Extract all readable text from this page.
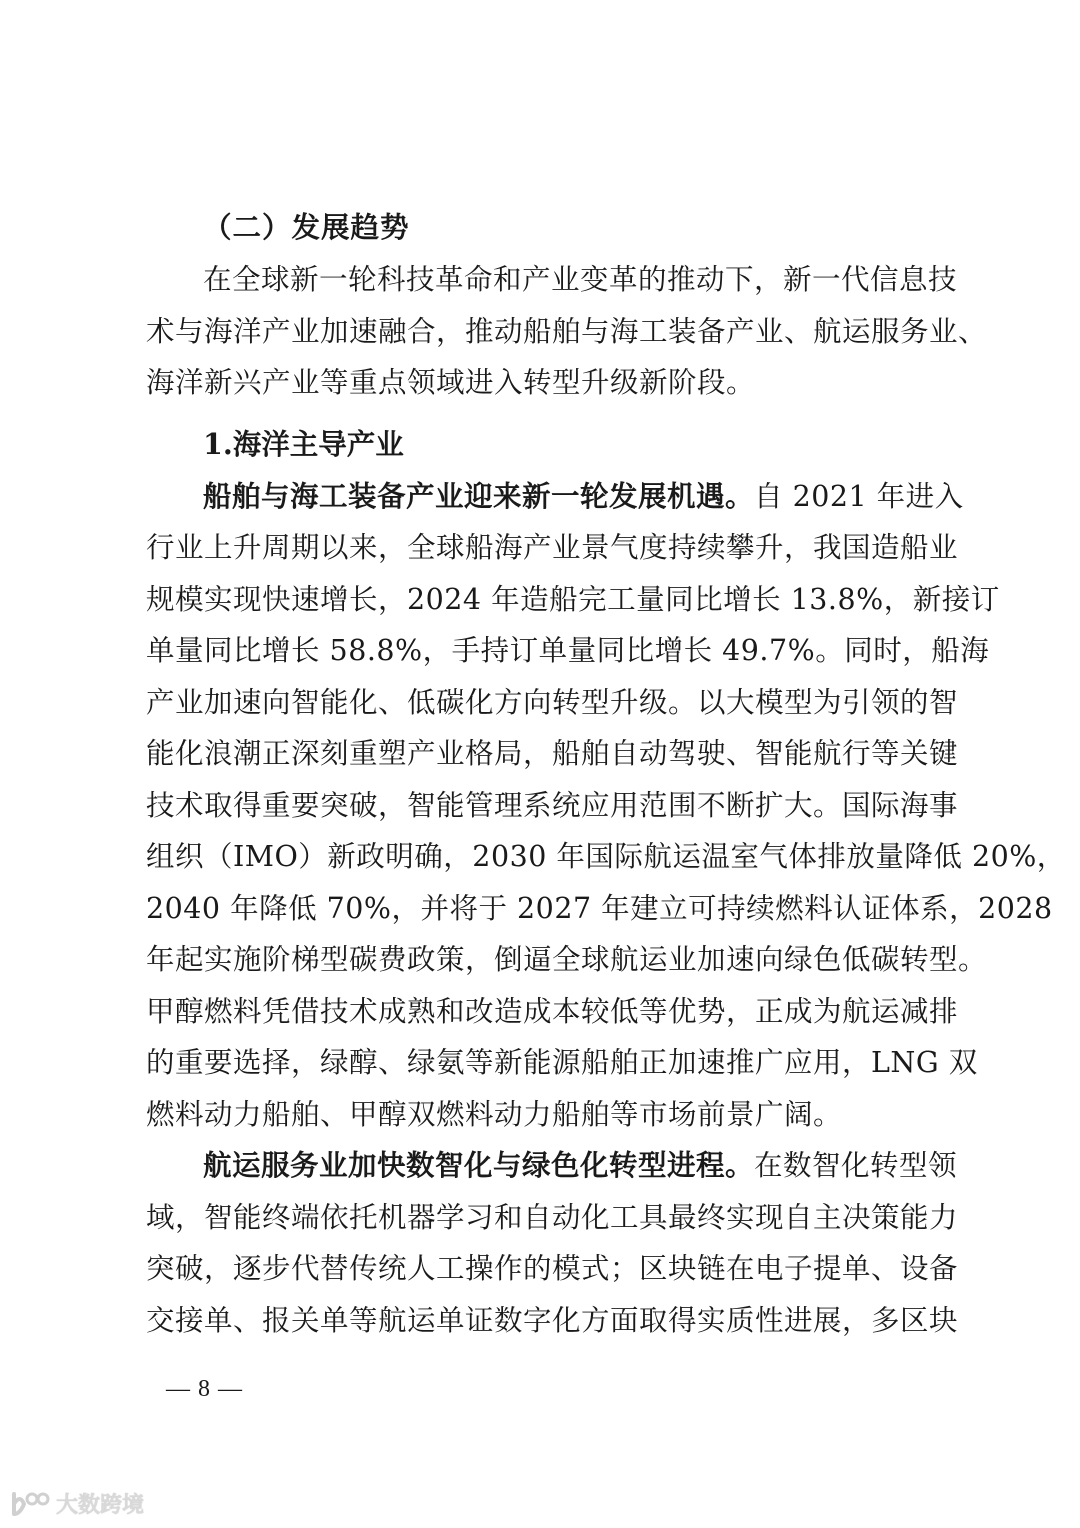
（二）发展趋势
在全球新一轮科技革命和产业变革的推动下，新一代信息技
术与海洋产业加速融合，推动船舶与海工装备产业、航运服务业、
海洋新兴产业等重点领域进入转型升级新阶段。
1.海洋主导产业
船舶与海工装备产业迎来新一轮发展机遇。自 2021 年进入
行业上升周期以来，全球船海产业景气度持续攀升，我国造船业
规模实现快速增长，2024 年造船完工量同比增长 13.8%，新接订
单量同比增长 58.8%，手持订单量同比增长 49.7%。同时，船海
产业加速向智能化、低碳化方向转型升级。以大模型为引领的智
能化浪潮正深刻重塑产业格局，船舶自动驾驶、智能航行等关键
技术取得重要突破，智能管理系统应用范围不断扩大。国际海事
组织（IMO）新政明确，2030 年国际航运温室气体排放量降低 20%，
2040 年降低 70%，并将于 2027 年建立可持续燃料认证体系，2028
年起实施阶梯型碳费政策，倒逼全球航运业加速向绿色低碳转型。
甲醇燃料凭借技术成熟和改造成本较低等优势，正成为航运减排
的重要选择，绿醇、绿氨等新能源船舶正加速推广应用，LNG 双
燃料动力船舶、甲醇双燃料动力船舶等市场前景广阔。
航运服务业加快数智化与绿色化转型进程。在数智化转型领
域，智能终端依托机器学习和自动化工具最终实现自主决策能力
突破，逐步代替传统人工操作的模式；区块链在电子提单、设备
交接单、报关单等航运单证数字化方面取得实质性进展，多区块
— 8 —
大数跨境
